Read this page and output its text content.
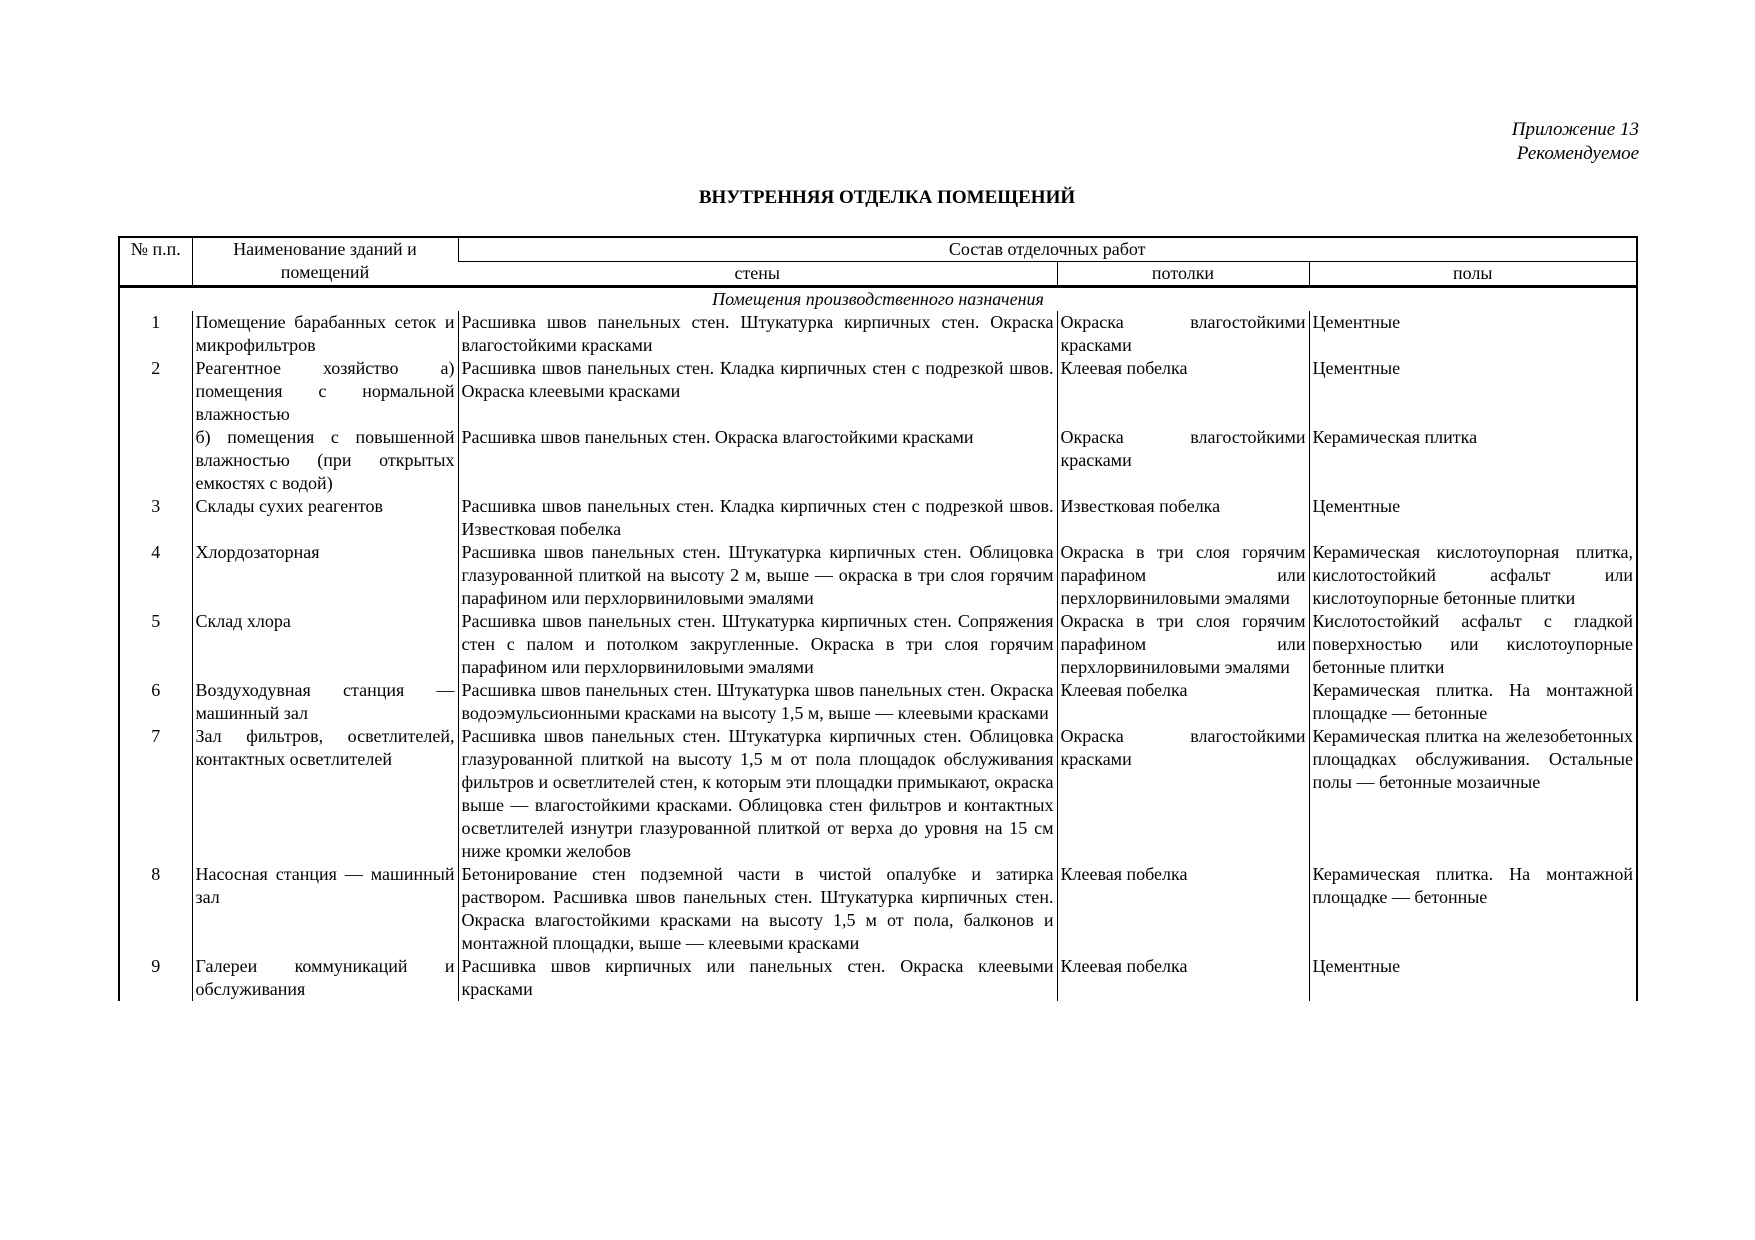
Приложение 13
Рекомендуемое
ВНУТРЕННЯЯ ОТДЕЛКА ПОМЕЩЕНИЙ
№ п.п.	Наименование зданий и помещений	Состав отделочных работ		
		стены	потолки	полы
Помещения производственного назначения				
1	Помещение барабанных сеток и микрофильтров	Расшивка швов панельных стен. Штукатурка кирпичных стен. Окраска влагостойкими красками	Окраска влагостойкими красками	Цементные
2	Реагентное хозяйство а) помещения с нормальной влажностью	Расшивка швов панельных стен. Кладка кирпичных стен с подрезкой швов. Окраска клеевыми красками	Клеевая побелка	Цементные
	б) помещения с повышенной влажностью (при открытых емкостях с водой)	Расшивка швов панельных стен. Окраска влагостойкими красками	Окраска влагостойкими красками	Керамическая плитка
3	Склады сухих реагентов	Расшивка швов панельных стен. Кладка кирпичных стен с подрезкой швов. Известковая побелка	Известковая побелка	Цементные
4	Хлордозаторная	Расшивка швов панельных стен. Штукатурка кирпичных стен. Облицовка глазурованной плиткой на высоту 2 м, выше — окраска в три слоя горячим парафином или перхлорвиниловыми эмалями	Окраска в три слоя горячим парафином или перхлорвиниловыми эмалями	Керамическая кислотоупорная плитка, кислотостойкий асфальт или кислотоупорные бетонные плитки
5	Склад хлора	Расшивка швов панельных стен. Штукатурка кирпичных стен. Сопряжения стен с палом и потолком закругленные. Окраска в три слоя горячим парафином или перхлорвиниловыми эмалями	Окраска в три слоя горячим парафином или перхлорвиниловыми эмалями	Кислотостойкий асфальт с гладкой поверхностью или кислотоупорные бетонные плитки
6	Воздуходувная станция — машинный зал	Расшивка швов панельных стен. Штукатурка швов панельных стен. Окраска водоэмульсионными красками на высоту 1,5 м, выше — клеевыми красками	Клеевая побелка	Керамическая плитка. На монтажной площадке — бетонные
7	Зал фильтров, осветлителей, контактных осветлителей	Расшивка швов панельных стен. Штукатурка кирпичных стен. Облицовка глазурованной плиткой на высоту 1,5 м от пола площадок обслуживания фильтров и осветлителей стен, к которым эти площадки примыкают, окраска выше — влагостойкими красками. Облицовка стен фильтров и контактных осветлителей изнутри глазурованной плиткой от верха до уровня на 15 см ниже кромки желобов	Окраска влагостойкими красками	Керамическая плитка на железобетонных площадках обслуживания. Остальные полы — бетонные мозаичные
8	Насосная станция — машинный зал	Бетонирование стен подземной части в чистой опалубке и затирка раствором. Расшивка швов панельных стен. Штукатурка кирпичных стен. Окраска влагостойкими красками на высоту 1,5 м от пола, балконов и монтажной площадки, выше — клеевыми красками	Клеевая побелка	Керамическая плитка. На монтажной площадке — бетонные
9	Галереи коммуникаций и обслуживания	Расшивка швов кирпичных или панельных стен. Окраска клеевыми красками	Клеевая побелка	Цементные
